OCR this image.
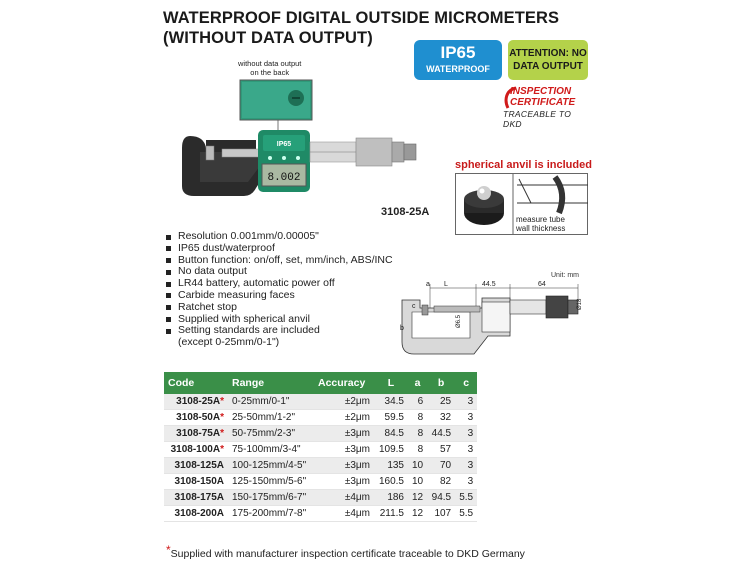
WATERPROOF DIGITAL OUTSIDE MICROMETERS
(WITHOUT DATA OUTPUT)
IP65
WATERPROOF
ATTENTION: NO
DATA OUTPUT
INSPECTION
CERTIFICATE
TRACEABLE TO DKD
without data output
on the back
IP65
8.002
3108-25A
spherical anvil is included
measure tube
wall thickness
Resolution 0.001mm/0.00005"
IP65 dust/waterproof
Button function: on/off, set, mm/inch, ABS/INC
No data output
LR44 battery, automatic power off
Carbide measuring faces
Ratchet stop
Supplied with spherical anvil
Setting standards are included
(except 0-25mm/0-1")
Unit: mm
a L	44.5	64
Ø18
Ø6.5
c
b
Code	Range	Accuracy	L	a	b	c
3108-25A*	0-25mm/0-1"	±2μm	34.5	6	25	3
3108-50A*	25-50mm/1-2"	±2μm	59.5	8	32	3
3108-75A*	50-75mm/2-3"	±3μm	84.5	8	44.5	3
3108-100A*	75-100mm/3-4"	±3μm	109.5	8	57	3
3108-125A	100-125mm/4-5"	±3μm	135	10	70	3
3108-150A	125-150mm/5-6"	±3μm	160.5	10	82	3
3108-175A	150-175mm/6-7"	±4μm	186	12	94.5	5.5
3108-200A	175-200mm/7-8"	±4μm	211.5	12	107	5.5
*Supplied with manufacturer inspection certificate traceable to DKD Germany
